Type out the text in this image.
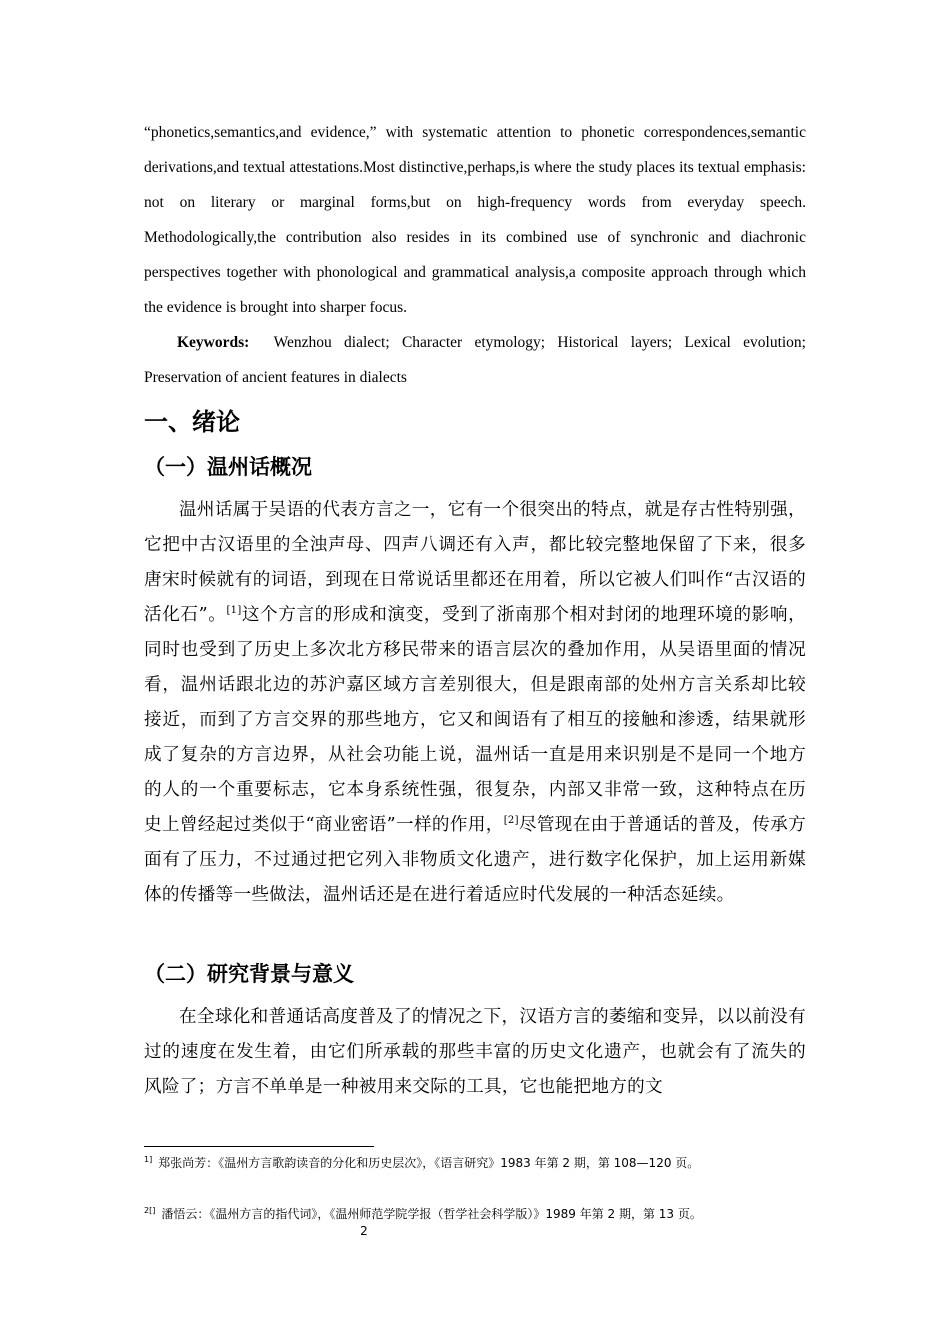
“phonetics,semantics,and evidence,” with systematic attention to phonetic correspondences,semantic derivations,and textual attestations.Most distinctive,perhaps,is where the study places its textual emphasis: not on literary or marginal forms,but on high-frequency words from everyday speech. Methodologically,the contribution also resides in its combined use of synchronic and diachronic perspectives together with phonological and grammatical analysis,a composite approach through which the evidence is brought into sharper focus.

Keywords: Wenzhou dialect; Character etymology; Historical layers; Lexical evolution; Preservation of ancient features in dialects

一、绪论
（一）温州话概况

温州话属于吴语的代表方言之一，它有一个很突出的特点，就是存古性特别强，它把中古汉语里的全浊声母、四声八调还有入声，都比较完整地保留了下来，很多唐宋时候就有的词语，到现在日常说话里都还在用着，所以它被人们叫作“古汉语的活化石”。[1]这个方言的形成和演变，受到了浙南那个相对封闭的地理环境的影响，同时也受到了历史上多次北方移民带来的语言层次的叠加作用，从吴语里面的情况看，温州话跟北边的苏沪嘉区域方言差别很大，但是跟南部的处州方言关系却比较接近，而到了方言交界的那些地方，它又和闽语有了相互的接触和渗透，结果就形成了复杂的方言边界，从社会功能上说，温州话一直是用来识别是不是同一个地方的人的一个重要标志，它本身系统性强，很复杂，内部又非常一致，这种特点在历史上曾经起过类似于“商业密语”一样的作用，[2]尽管现在由于普通话的普及，传承方面有了压力，不过通过把它列入非物质文化遗产，进行数字化保护，加上运用新媒体的传播等一些做法，温州话还是在进行着适应时代发展的一种活态延续。

（二）研究背景与意义

在全球化和普通话高度普及了的情况之下，汉语方言的萎缩和变异，以以前没有过的速度在发生着，由它们所承载的那些丰富的历史文化遗产，也就会有了流失的风险了；方言不单单是一种被用来交际的工具，它也能把地方的文

$^{1]}$ 郑张尚芳：《温州方言歌韵读音的分化和历史层次》，《语言研究》1983 年第 2 期，第 108—120 页。

$^{2[]}$ 潘悟云：《温州方言的指代词》，《温州师范学院学报（哲学社会科学版）》1989 年第 2 期，第 13 页。

2
